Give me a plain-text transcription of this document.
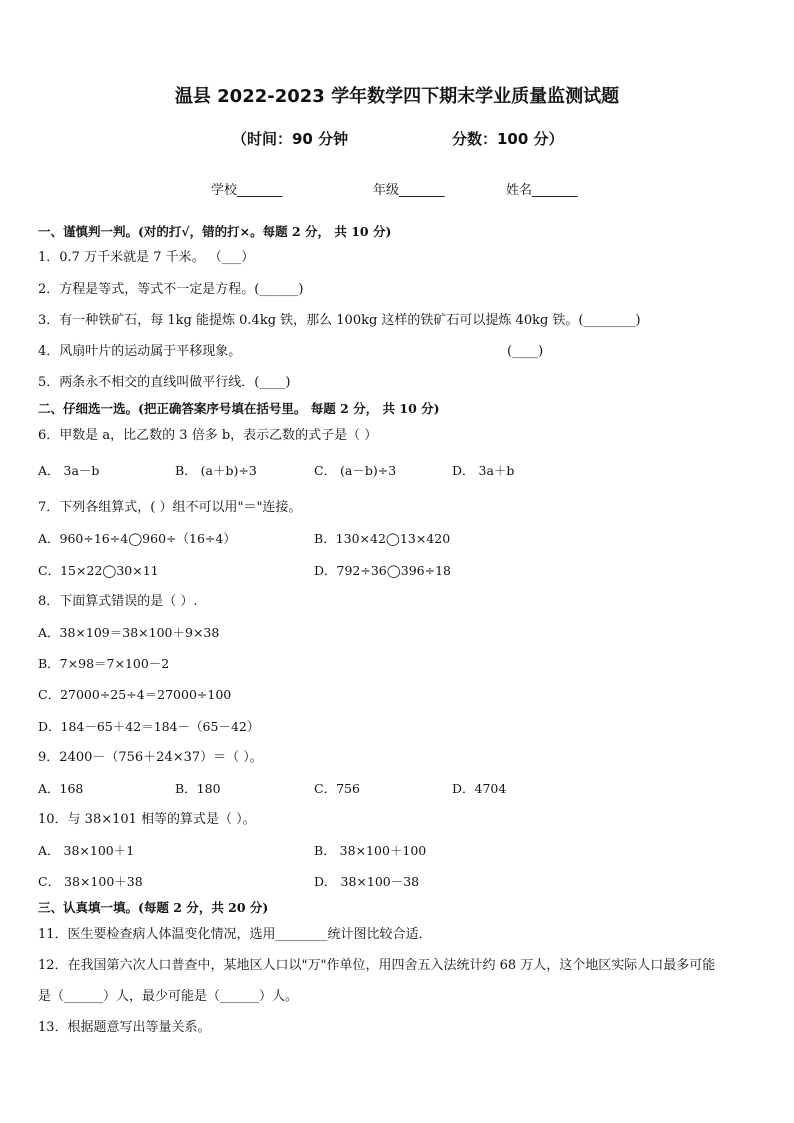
温县 2022-2023 学年数学四下期末学业质量监测试题
（时间：90 分钟	分数：100 分）
学校_______	年级_______	姓名_______
一、谨慎判一判。(对的打√，错的打×。每题 2 分， 共 10 分)
1．0.7 万千米就是 7 千米。 （___）
2．方程是等式，等式不一定是方程。(______)
3．有一种铁矿石，每 1kg 能提炼 0.4kg 铁，那么 100kg 这样的铁矿石可以提炼 40kg 铁。(________)
4．风扇叶片的运动属于平移现象。	(____)
5．两条永不相交的直线叫做平行线．(____)
二、仔细选一选。(把正确答案序号填在括号里。 每题 2 分， 共 10 分)
6．甲数是 a，比乙数的 3 倍多 b，表示乙数的式子是（ ）
A． 3a－b	B． (a＋b)÷3	C． (a－b)÷3	D． 3a＋b
7．下列各组算式，( ）组不可以用"＝"连接。
A．960÷16÷4◯960÷（16÷4）	B．130×42◯13×420
C．15×22◯30×11	D．792÷36◯396÷18
8．下面算式错误的是（ ）.
A．38×109＝38×100＋9×38
B．7×98＝7×100－2
C．27000÷25÷4＝27000÷100
D．184－65＋42＝184－（65－42）
9．2400－（756＋24×37）＝（ ）。
A．168	B．180	C．756	D．4704
10．与 38×101 相等的算式是（ ）。
A． 38×100＋1	B． 38×100＋100
C． 38×100＋38	D． 38×100－38
三、认真填一填。(每题 2 分，共 20 分)
11．医生要检查病人体温变化情况，选用________统计图比较合适．
12．在我国第六次人口普查中，某地区人口以"万"作单位，用四舍五入法统计约 68 万人，这个地区实际人口最多可能
是（______）人，最少可能是（______）人。
13．根据题意写出等量关系。
